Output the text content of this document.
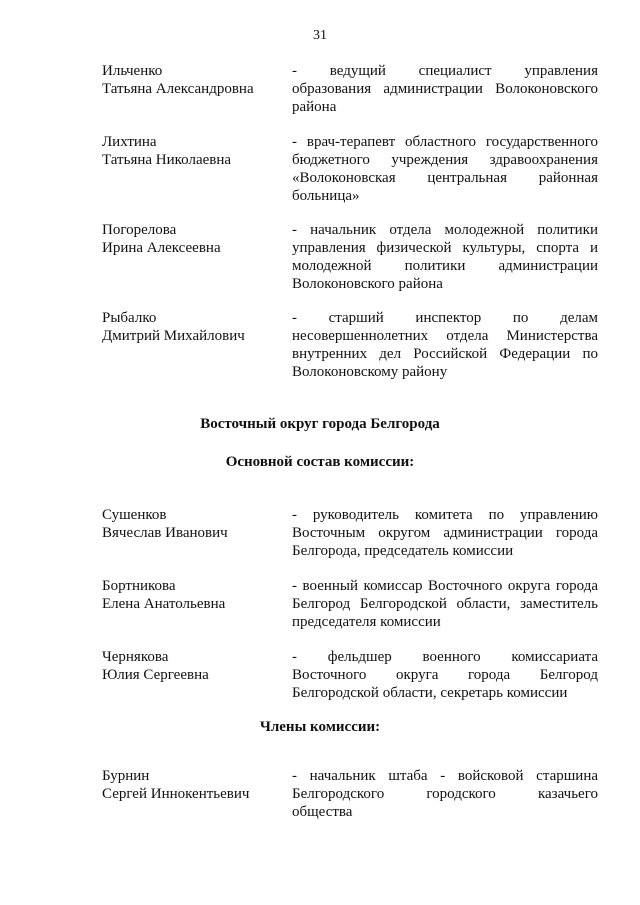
31
Ильченко
Татьяна Александровна
- ведущий специалист управления
образования администрации Волоконовского
района
Лихтина
Татьяна Николаевна
- врач-терапевт областного государственного
бюджетного учреждения здравоохранения
«Волоконовская центральная районная
больница»
Погорелова
Ирина Алексеевна
- начальник отдела молодежной политики
управления физической культуры, спорта и
молодежной политики администрации
Волоконовского района
Рыбалко
Дмитрий Михайлович
- старший инспектор по делам
несовершеннолетних отдела Министерства
внутренних дел Российской Федерации по
Волоконовскому району
Восточный округ города Белгорода
Основной состав комиссии:
Сушенков
Вячеслав Иванович
- руководитель комитета по управлению
Восточным округом администрации города
Белгорода, председатель комиссии
Бортникова
Елена Анатольевна
- военный комиссар Восточного округа города
Белгород Белгородской области, заместитель
председателя комиссии
Чернякова
Юлия Сергеевна
- фельдшер военного комиссариата
Восточного округа города Белгород
Белгородской области, секретарь комиссии
Члены комиссии:
Бурнин
Сергей Иннокентьевич
- начальник штаба - войсковой старшина
Белгородского городского казачьего
общества
